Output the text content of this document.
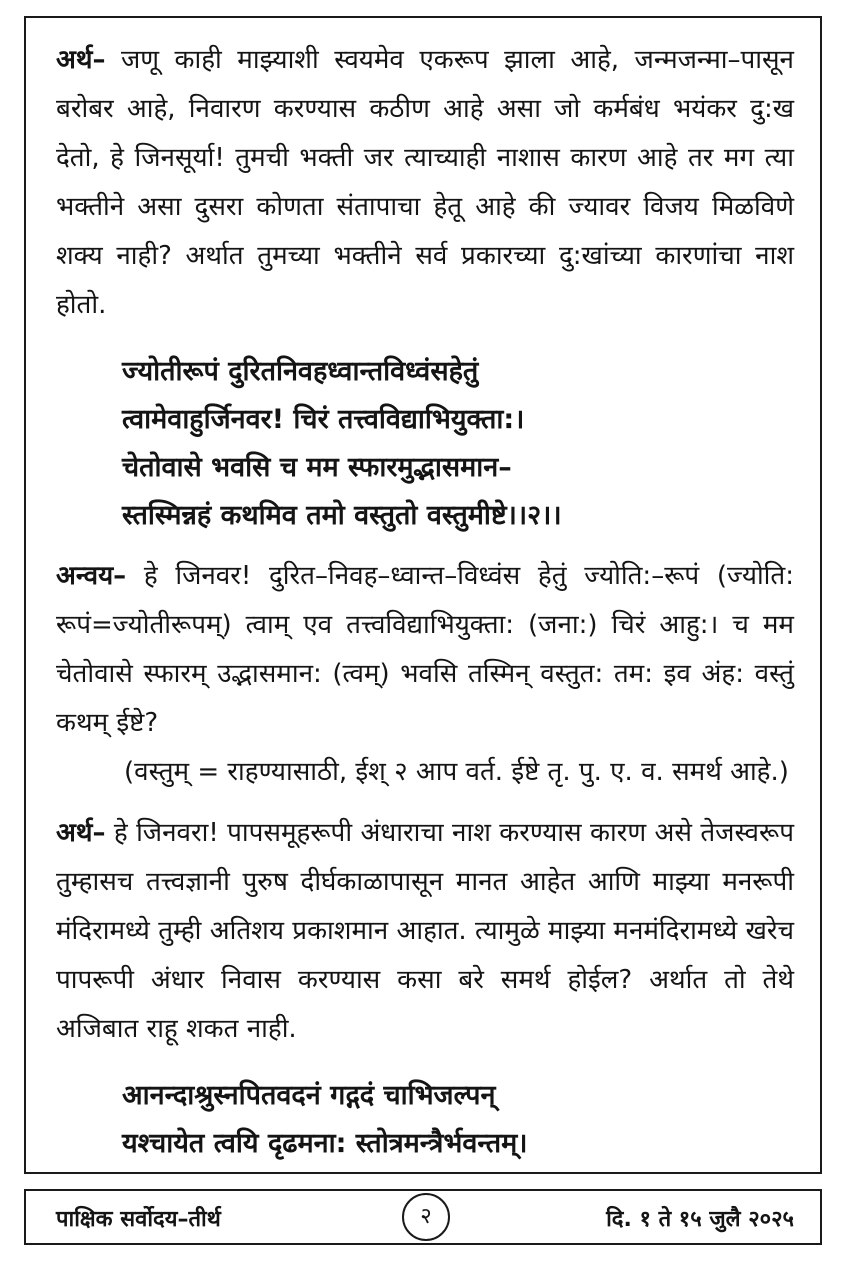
अर्थ– जणू काही माझ्याशी स्वयमेव एकरूप झाला आहे, जन्मजन्मा–पासून बरोबर आहे, निवारण करण्यास कठीण आहे असा जो कर्मबंध भयंकर दु:ख देतो, हे जिनसूर्या! तुमची भक्ती जर त्याच्याही नाशास कारण आहे तर मग त्या भक्तीने असा दुसरा कोणता संतापाचा हेतू आहे की ज्यावर विजय मिळविणे शक्य नाही? अर्थात तुमच्या भक्तीने सर्व प्रकारच्या दु:खांच्या कारणांचा नाश होतो.

ज्योतीरूपं दुरितनिवहध्वान्तविध्वंसहेतुं

त्वामेवाहुर्जिनवर! चिरं तत्त्वविद्याभियुक्ता:।

चेतोवासे भवसि च मम स्फारमुद्भासमान–

स्तस्मिन्नहं कथमिव तमो वस्तुतो वस्तुमीष्टे।।२।।

अन्वय– हे जिनवर! दुरित–निवह–ध्वान्त–विध्वंस हेतुं ज्योति:–रूपं (ज्योति: रूपं=ज्योतीरूपम्) त्वाम् एव तत्त्वविद्याभियुक्ता: (जना:) चिरं आहु:। च मम चेतोवासे स्फारम् उद्भासमान: (त्वम्) भवसि तस्मिन् वस्तुत: तम: इव अंह: वस्तुं कथम् ईष्टे?

(वस्तुम् = राहण्यासाठी, ईश् २ आप वर्त. ईष्टे तृ. पु. ए. व. समर्थ आहे.)

अर्थ– हे जिनवरा! पापसमूहरूपी अंधाराचा नाश करण्यास कारण असे तेजस्वरूप तुम्हासच तत्त्वज्ञानी पुरुष दीर्घकाळापासून मानत आहेत आणि माझ्या मनरूपी मंदिरामध्ये तुम्ही अतिशय प्रकाशमान आहात. त्यामुळे माझ्या मनमंदिरामध्ये खरेच पापरूपी अंधार निवास करण्यास कसा बरे समर्थ होईल? अर्थात तो तेथे अजिबात राहू शकत नाही.

आनन्दाश्रुस्नपितवदनं गद्गदं चाभिजल्पन्

यश्चायेत त्वयि दृढमना: स्तोत्रमन्त्रैर्भवन्तम्।

पाक्षिक सर्वोदय–तीर्थ	२	दि. १ ते १५ जुलै २०२५
